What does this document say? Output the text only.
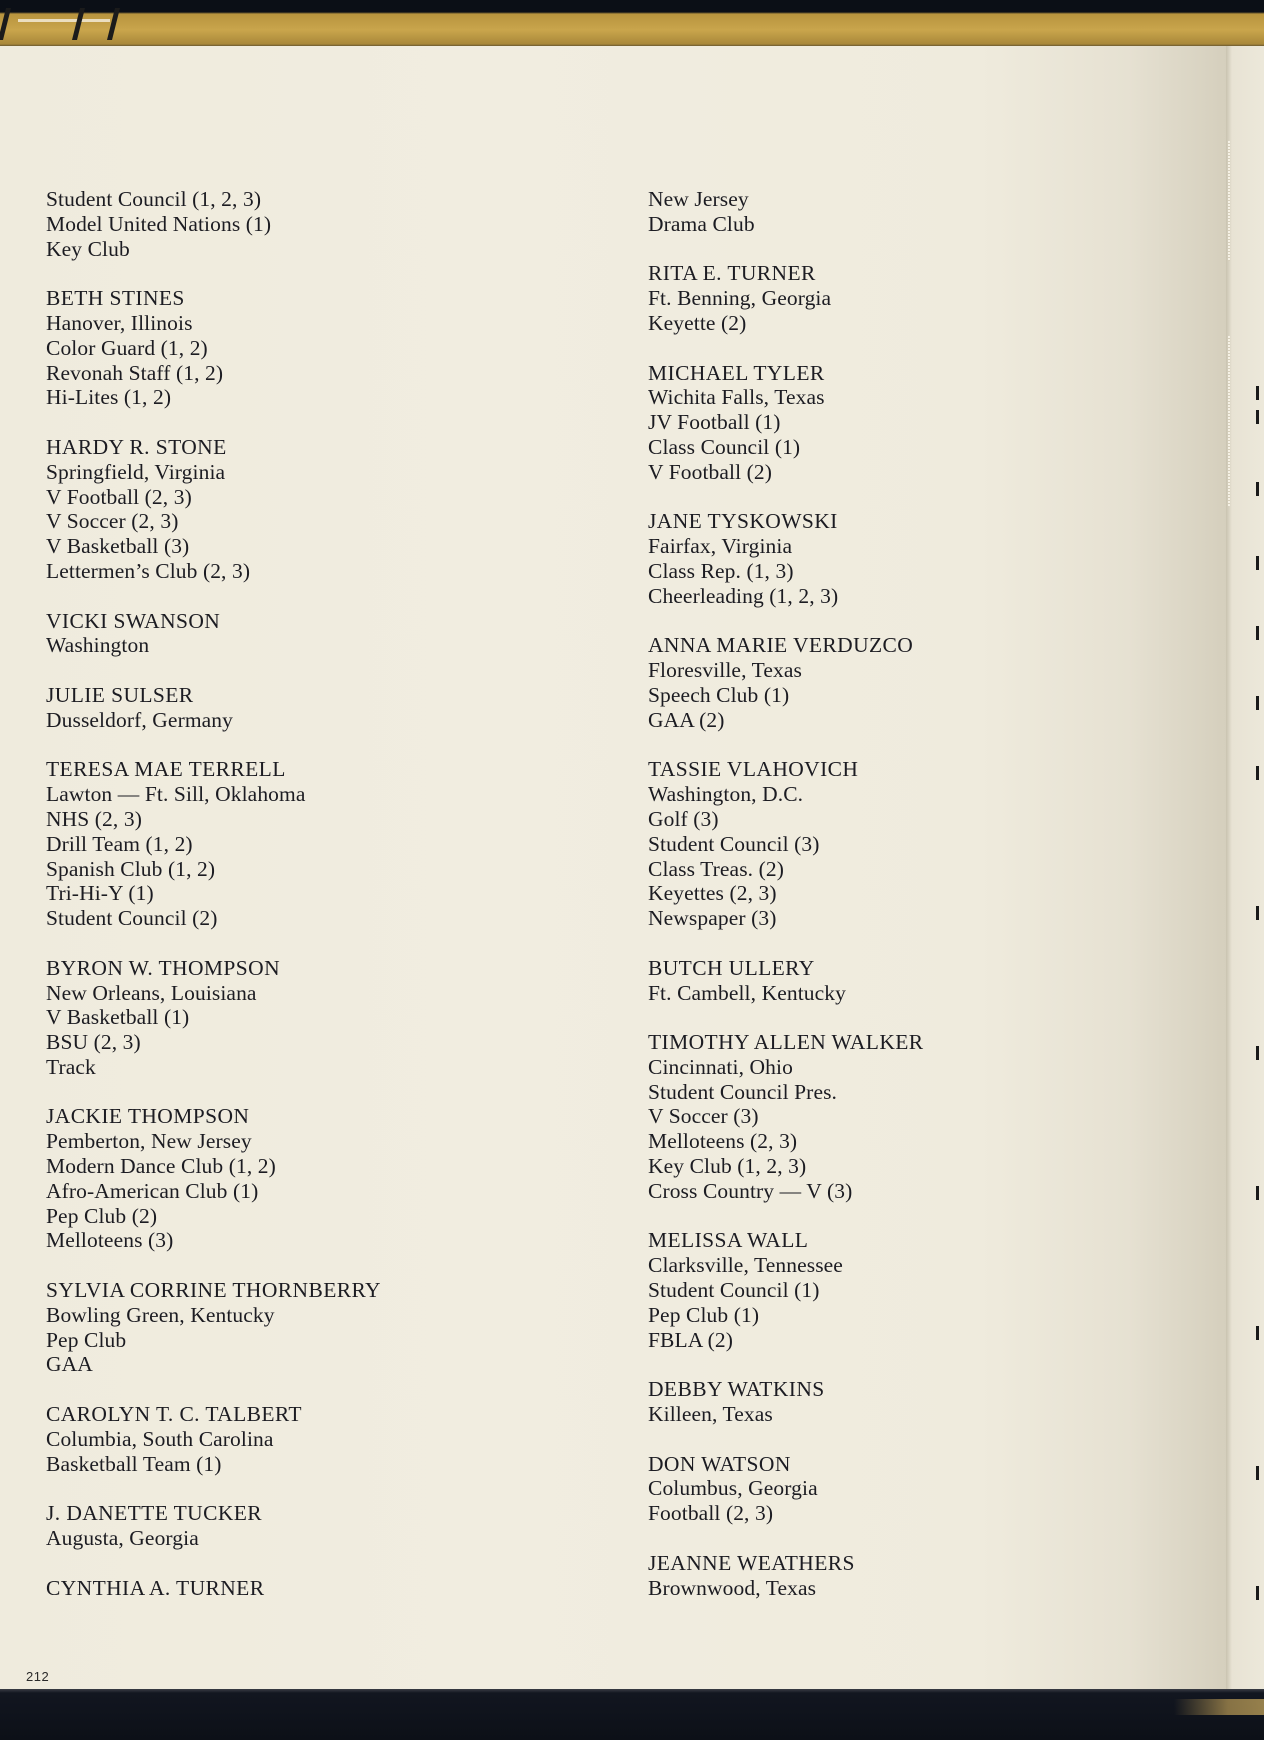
Student Council (1, 2, 3)
Model United Nations (1)
Key Club
BETH STINES
Hanover, Illinois
Color Guard (1, 2)
Revonah Staff (1, 2)
Hi-Lites (1, 2)
HARDY R. STONE
Springfield, Virginia
V Football (2, 3)
V Soccer (2, 3)
V Basketball (3)
Lettermen’s Club (2, 3)
VICKI SWANSON
Washington
JULIE SULSER
Dusseldorf, Germany
TERESA MAE TERRELL
Lawton — Ft. Sill, Oklahoma
NHS (2, 3)
Drill Team (1, 2)
Spanish Club (1, 2)
Tri-Hi-Y (1)
Student Council (2)
BYRON W. THOMPSON
New Orleans, Louisiana
V Basketball (1)
BSU (2, 3)
Track
JACKIE THOMPSON
Pemberton, New Jersey
Modern Dance Club (1, 2)
Afro-American Club (1)
Pep Club (2)
Melloteens (3)
SYLVIA CORRINE THORNBERRY
Bowling Green, Kentucky
Pep Club
GAA
CAROLYN T. C. TALBERT
Columbia, South Carolina
Basketball Team (1)
J. DANETTE TUCKER
Augusta, Georgia
CYNTHIA A. TURNER
New Jersey
Drama Club
RITA E. TURNER
Ft. Benning, Georgia
Keyette (2)
MICHAEL TYLER
Wichita Falls, Texas
JV Football (1)
Class Council (1)
V Football (2)
JANE TYSKOWSKI
Fairfax, Virginia
Class Rep. (1, 3)
Cheerleading (1, 2, 3)
ANNA MARIE VERDUZCO
Floresville, Texas
Speech Club (1)
GAA (2)
TASSIE VLAHOVICH
Washington, D.C.
Golf (3)
Student Council (3)
Class Treas. (2)
Keyettes (2, 3)
Newspaper (3)
BUTCH ULLERY
Ft. Cambell, Kentucky
TIMOTHY ALLEN WALKER
Cincinnati, Ohio
Student Council Pres.
V Soccer (3)
Melloteens (2, 3)
Key Club (1, 2, 3)
Cross Country — V (3)
MELISSA WALL
Clarksville, Tennessee
Student Council (1)
Pep Club (1)
FBLA (2)
DEBBY WATKINS
Killeen, Texas
DON WATSON
Columbus, Georgia
Football (2, 3)
JEANNE WEATHERS
Brownwood, Texas
212
